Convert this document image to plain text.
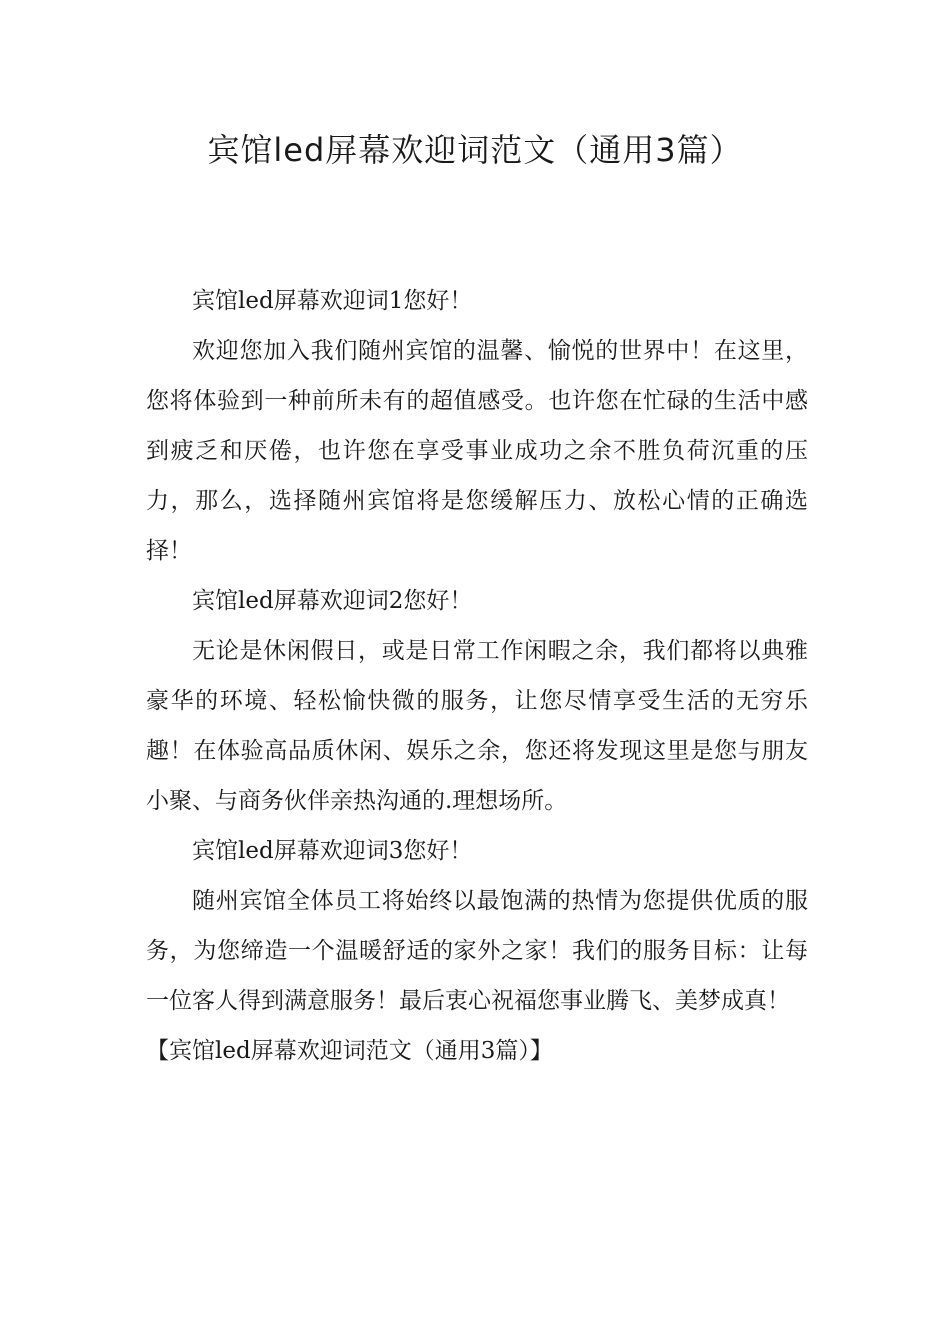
宾馆led屏幕欢迎词范文（通用3篇）

宾馆led屏幕欢迎词1您好！

欢迎您加入我们随州宾馆的温馨、愉悦的世界中！在这里，您将体验到一种前所未有的超值感受。也许您在忙碌的生活中感到疲乏和厌倦，也许您在享受事业成功之余不胜负荷沉重的压力，那么，选择随州宾馆将是您缓解压力、放松心情的正确选择！

宾馆led屏幕欢迎词2您好！

无论是休闲假日，或是日常工作闲暇之余，我们都将以典雅豪华的环境、轻松愉快微的服务，让您尽情享受生活的无穷乐趣！在体验高品质休闲、娱乐之余，您还将发现这里是您与朋友小聚、与商务伙伴亲热沟通的.理想场所。

宾馆led屏幕欢迎词3您好！

随州宾馆全体员工将始终以最饱满的热情为您提供优质的服务，为您缔造一个温暖舒适的家外之家！我们的服务目标：让每一位客人得到满意服务！最后衷心祝福您事业腾飞、美梦成真！

【宾馆led屏幕欢迎词范文（通用3篇）】
